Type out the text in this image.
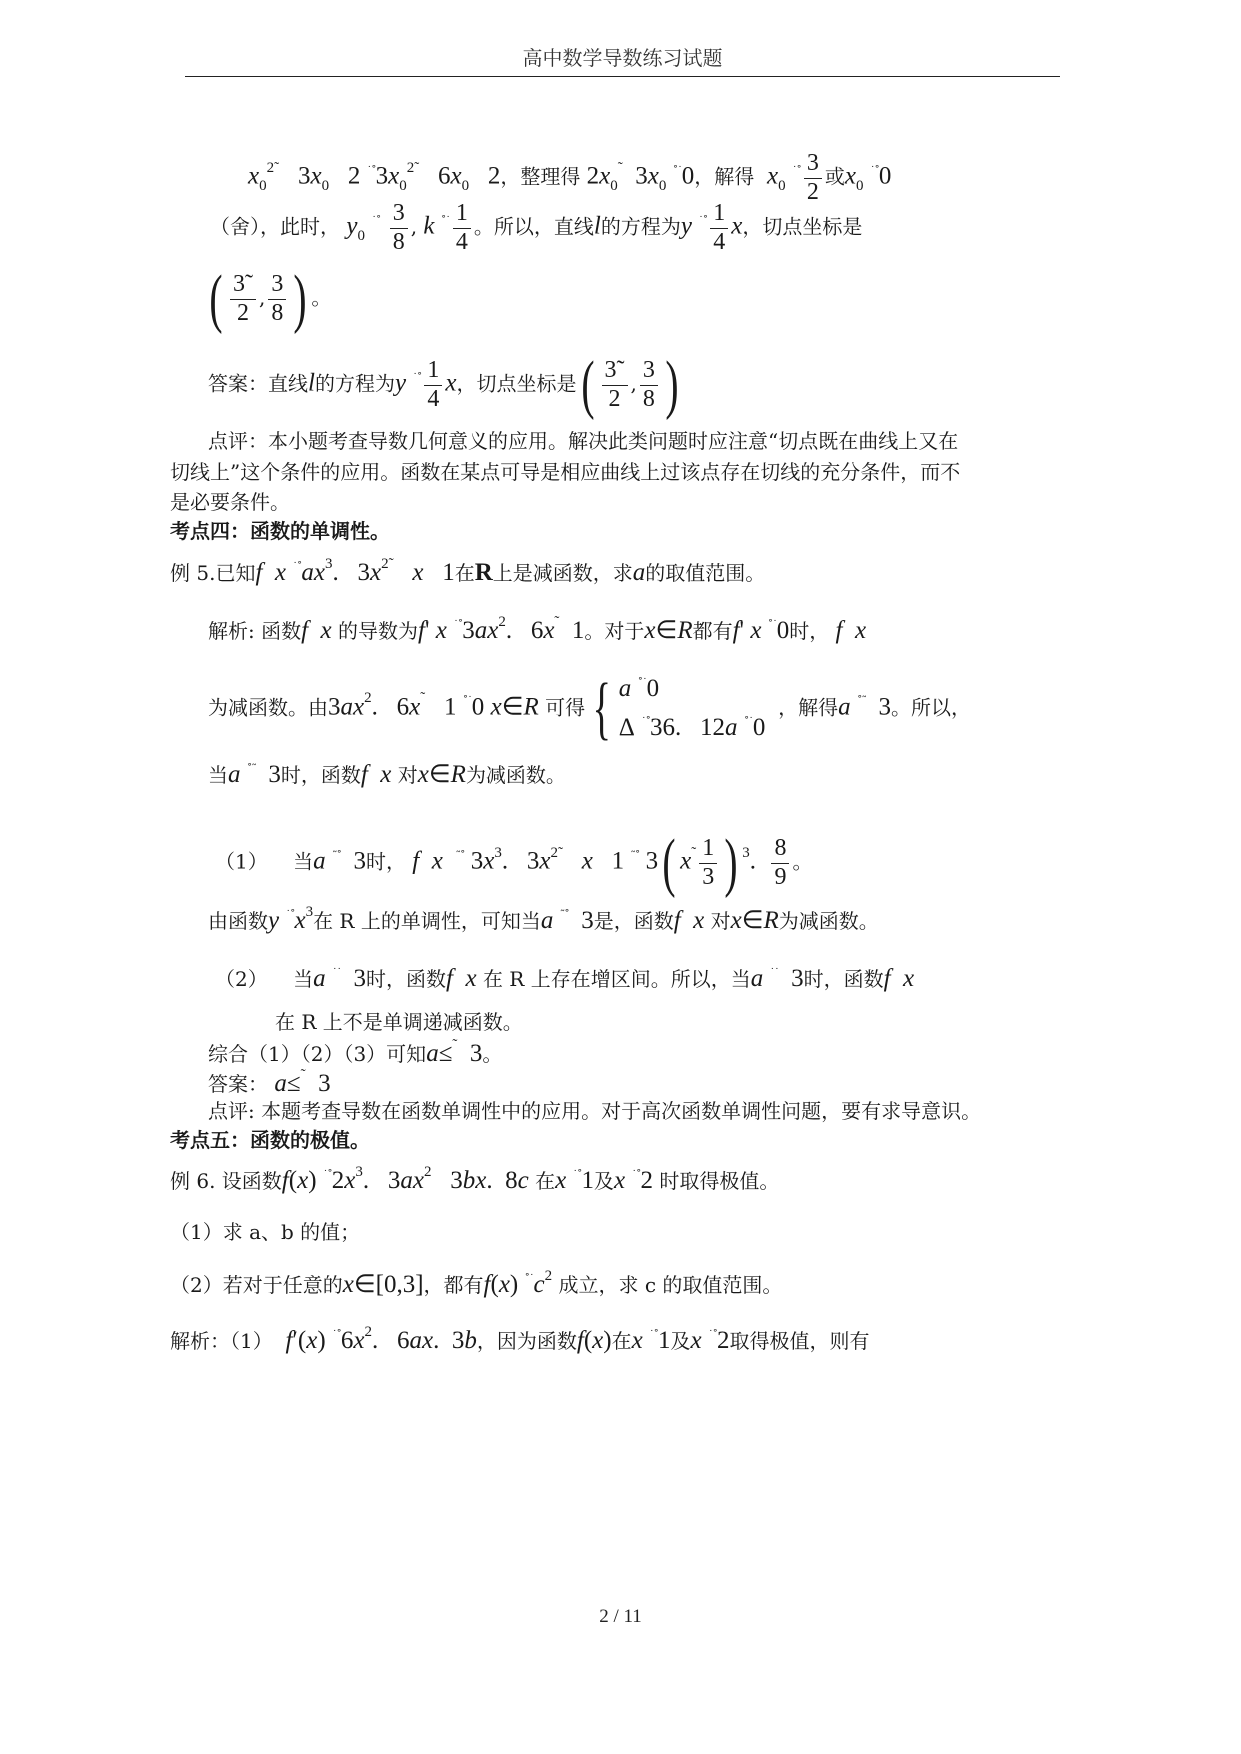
高中数学导数练习试题
$x_0^{2˜}$   $3x_0$   2 $^{˙˚}3x_0^{2˜}$   $6x_0$   2，整理得 $2x_0^˜$  $3x_0$ ˚˙0，解得 $x_0$ $^{˙˚} \frac{3}{2}$ 或$x_0$ ˙˚0
（舍），此时， $y_0$ $^{˙˚} \frac{3}{8}$ , k $^{˚˙} \frac{1}{4}$ 。所以，直线l的方程为y $^{˙˚} \frac{1}{4}$ x，切点坐标是
( $\frac{3˜}{2}$ , $\frac{3}{8}$ ) 。
答案：直线l的方程为y $^{˙˚} \frac{1}{4}$ x，切点坐标是( $\frac{3˜}{2}$ , $\frac{3}{8}$ )
点评：本小题考查导数几何意义的应用。解决此类问题时应注意“切点既在曲线上又在
切线上”这个条件的应用。函数在某点可导是相应曲线上过该点存在切线的充分条件，而不
是必要条件。
考点四：函数的单调性。
例 5.已知f  x $^{˙˚}ax^3$.   $3x^{2˜}$   x   1在R上是减函数，求a的取值范围。
解析: 函数f  x 的导数为f' x $^{˙˚}3ax^2$.   6x˜  1。对于x∈R都有f' x ˚˙0时， f  x
为减函数。由$3ax^2$.   6x˜   1 ˚˙0 x∈R 可得 { a ˚˙0
Δ ˙˚36.   12a ˚˙0  ，解得a ˚˜  3。所以，
当a ˚˜  3时，函数f  x 对x∈R为减函数。
（1） 当a ˜˚  3时， f  x ˜˚ $3x^3$.   $3x^{2˜}$   x   1 ˜˚ 3( $x^˜ \frac{1}{3}$ ) $^3$. $\frac{8}{9}$ 。
由函数y $^{˙˚}x^3$在 R 上的单调性，可知当a ˜˚  3是，函数f  x 对x∈R为减函数。
（2） 当a ˙˙  3时，函数f  x 在 R 上存在增区间。所以，当a ˙˙  3时，函数f  x
在 R 上不是单调递减函数。
综合（1）（2）（3）可知a≤˜  3。
答案： a≤˜  3
点评: 本题考查导数在函数单调性中的应用。对于高次函数单调性问题，要有求导意识。
考点五：函数的极值。
例 6. 设函数f(x) $^{˙˚}2x^3$.   $3ax^2$   3bx.  8c 在x ˙˚1及x ˙˚2 时取得极值。
（1）求 a、b 的值；
（2）若对于任意的x∈[0,3]，都有f(x) $^{˚˙}c^2$ 成立，求 c 的取值范围。
解析：（1） f′(x) $^{˙˚}6x^2$.   6ax.  3b，因为函数f(x)在x ˙˚1及x ˙˚2取得极值，则有
2 / 11
